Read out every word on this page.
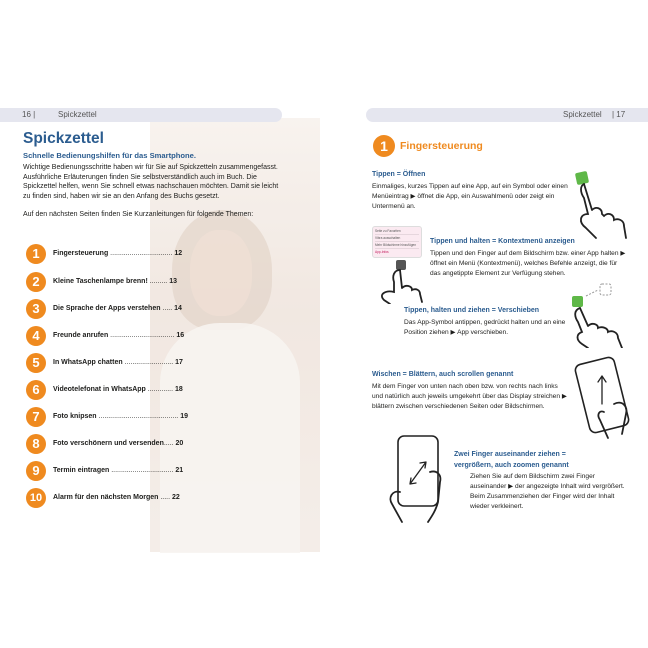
16 |	Spickzettel
Spickzettel
Schnelle Bedienungshilfen für das Smartphone.
Wichtige Bedienungsschritte haben wir für Sie auf Spickzetteln zusammengefasst. Ausführliche Erläuterungen finden Sie selbstverständlich auch im Buch. Die Spickzettel helfen, wenn Sie schnell etwas nachschauen möchten. Damit sie leicht zu finden sind, haben wir sie an den Anfang des Buchs gesetzt.
Auf den nächsten Seiten finden Sie Kurzanleitungen für folgende Themen:
1	Fingersteuerung ................................ 12
2	Kleine Taschenlampe brenn! ......... 13
3	Die Sprache der Apps verstehen ..... 14
4	Freunde anrufen ................................. 16
5	In WhatsApp chatten ......................... 17
6	Videotelefonat in WhatsApp ............. 18
7	Foto knipsen ......................................... 19
8	Foto verschönern und versenden..... 20
9	Termin eintragen ................................ 21
10	Alarm für den nächsten Morgen ..... 22
Spickzettel | 17
1	Fingersteuerung
Tippen = Öffnen
Einmaliges, kurzes Tippen auf eine App, auf ein Symbol oder einen Menüeintrag ▶ öffnet die App, ein Auswahlmenü oder zeigt ein Untermenü an.
Seite zu Favoriten
Vibra ausschalten
Mehr Bildschirme hinzufügen
App-Infos
Tippen und halten = Kontextmenü anzeigen
Tippen und den Finger auf dem Bildschirm bzw. einer App halten ▶ öffnet ein Menü (Kontextmenü), welches Befehle anzeigt, die für das angetippte Element zur Verfügung stehen.
Tippen, halten und ziehen = Verschieben
Das App-Symbol antippen, gedrückt halten und an eine Position ziehen ▶ App verschieben.
Wischen = Blättern, auch scrollen genannt
Mit dem Finger von unten nach oben bzw. von rechts nach links und natürlich auch jeweils umgekehrt über das Display streichen ▶ blättern zwischen verschiedenen Seiten oder Bildschirmen.
Zwei Finger auseinander ziehen = vergrößern, auch zoomen genannt
Ziehen Sie auf dem Bildschirm zwei Finger auseinander ▶ der angezeigte Inhalt wird vergrößert. Beim Zusammenziehen der Finger wird der Inhalt wieder verkleinert.
